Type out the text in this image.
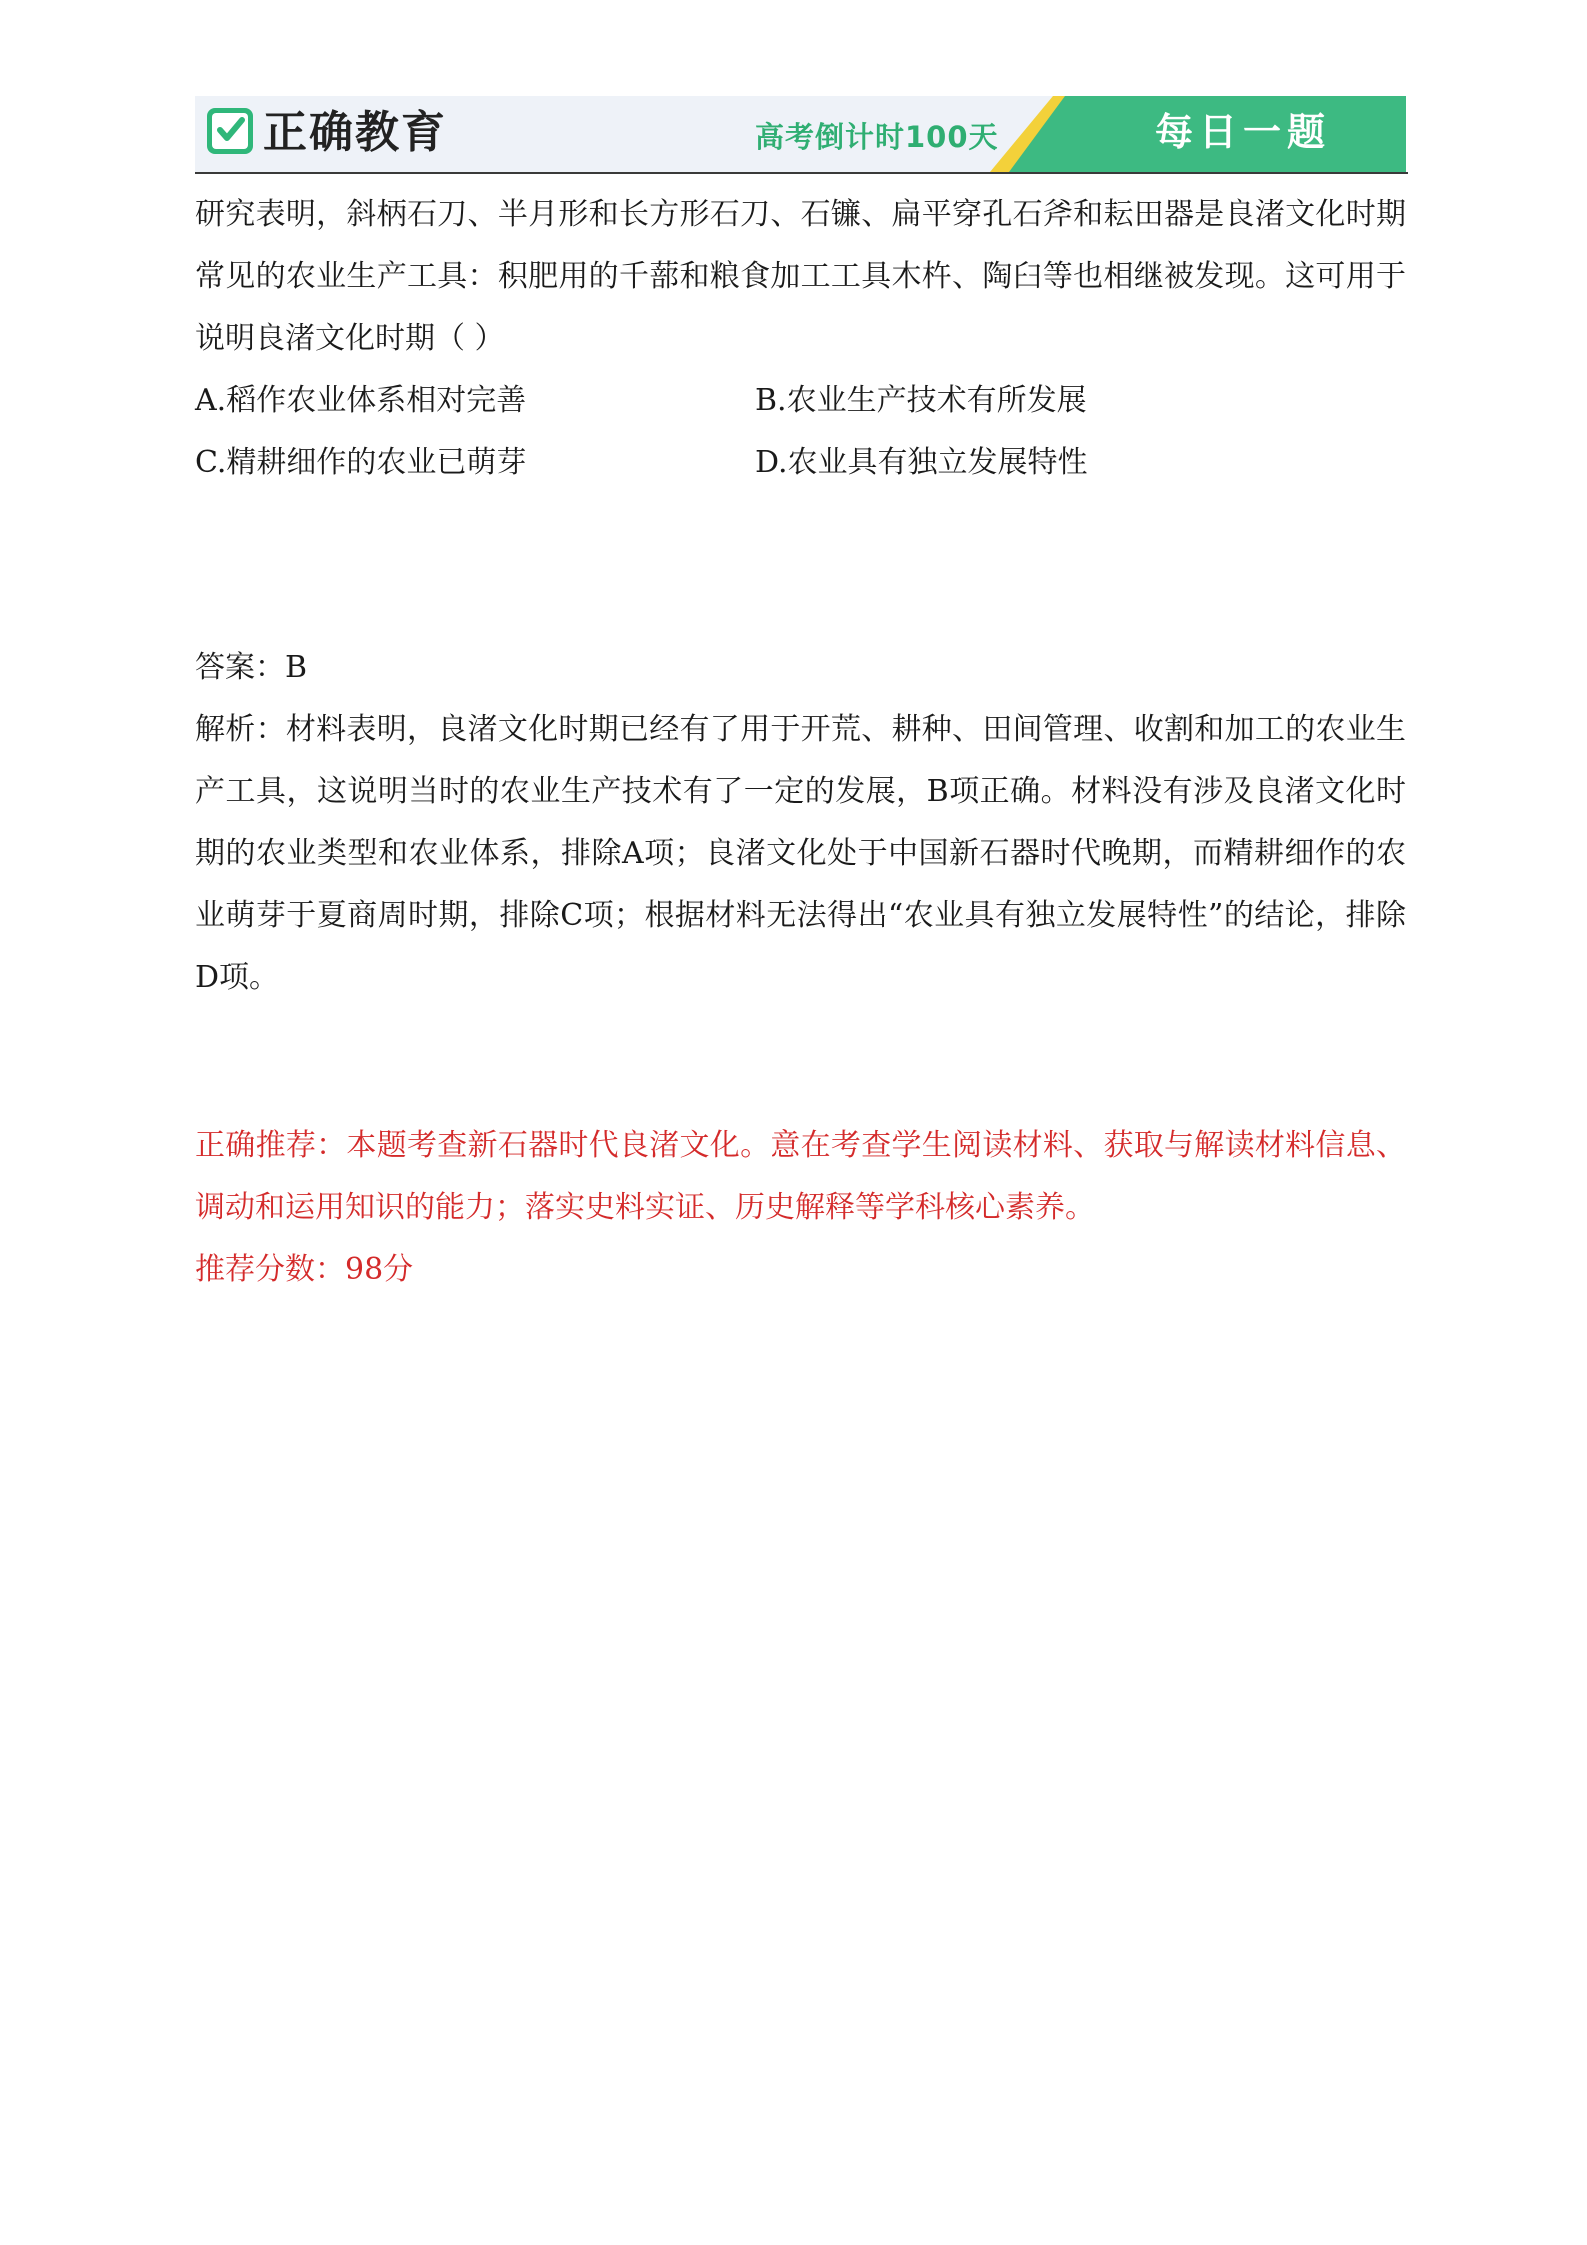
正确教育	高考倒计时100天	每日一题
研究表明，斜柄石刀、半月形和长方形石刀、石镰、扁平穿孔石斧和耘田器是良渚文化时期常见的农业生产工具：积肥用的千蔀和粮食加工工具木杵、陶臼等也相继被发现。这可用于说明良渚文化时期（ ）
A.稻作农业体系相对完善	B.农业生产技术有所发展
C.精耕细作的农业已萌芽	D.农业具有独立发展特性
答案：B
解析：材料表明，良渚文化时期已经有了用于开荒、耕种、田间管理、收割和加工的农业生产工具，这说明当时的农业生产技术有了一定的发展，B项正确。材料没有涉及良渚文化时期的农业类型和农业体系，排除A项；良渚文化处于中国新石器时代晚期，而精耕细作的农业萌芽于夏商周时期，排除C项；根据材料无法得出“农业具有独立发展特性”的结论，排除D项。
正确推荐：本题考查新石器时代良渚文化。意在考查学生阅读材料、获取与解读材料信息、调动和运用知识的能力；落实史料实证、历史解释等学科核心素养。
推荐分数：98分
